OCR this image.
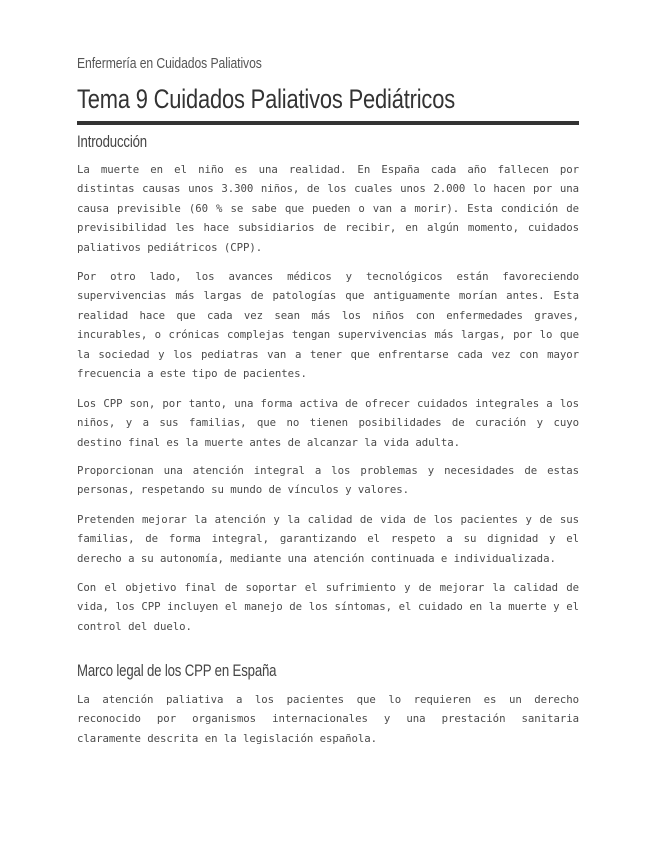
Enfermería en Cuidados Paliativos
Tema 9 Cuidados Paliativos Pediátricos
Introducción

La muerte en el niño es una realidad. En España cada año fallecen por distintas causas unos 3.300 niños, de los cuales unos 2.000 lo hacen por una causa previsible (60 % se sabe que pueden o van a morir). Esta condición de previsibilidad les hace subsidiarios de recibir, en algún momento, cuidados paliativos pediátricos (CPP).

Por otro lado, los avances médicos y tecnológicos están favoreciendo supervivencias más largas de patologías que antiguamente morían antes. Esta realidad hace que cada vez sean más los niños con enfermedades graves, incurables, o crónicas complejas tengan supervivencias más largas, por lo que la sociedad y los pediatras van a tener que enfrentarse cada vez con mayor frecuencia a este tipo de pacientes.

Los CPP son, por tanto, una forma activa de ofrecer cuidados integrales a los niños, y a sus familias, que no tienen posibilidades de curación y cuyo destino final es la muerte antes de alcanzar la vida adulta.

Proporcionan una atención integral a los problemas y necesidades de estas personas, respetando su mundo de vínculos y valores.

Pretenden mejorar la atención y la calidad de vida de los pacientes y de sus familias, de forma integral, garantizando el respeto a su dignidad y el derecho a su autonomía, mediante una atención continuada e individualizada.

Con el objetivo final de soportar el sufrimiento y de mejorar la calidad de vida, los CPP incluyen el manejo de los síntomas, el cuidado en la muerte y el control del duelo.

Marco legal de los CPP en España

La atención paliativa a los pacientes que lo requieren es un derecho reconocido por organismos internacionales y una prestación sanitaria claramente descrita en la legislación española.
